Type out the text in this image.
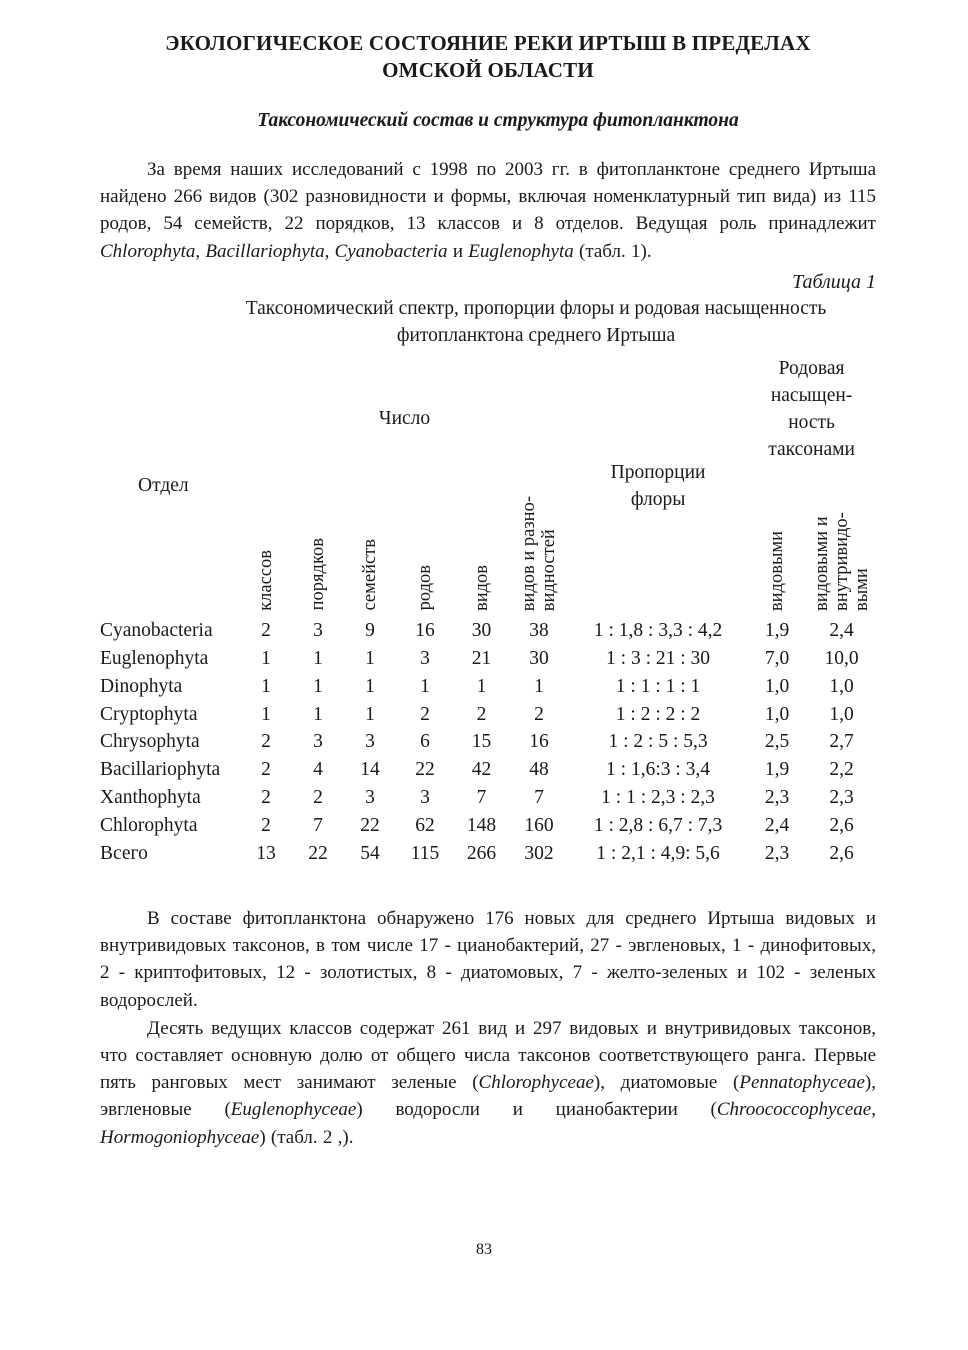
ЭКОЛОГИЧЕСКОЕ СОСТОЯНИЕ РЕКИ ИРТЫШ В ПРЕДЕЛАХ ОМСКОЙ ОБЛАСТИ
Таксономический состав и структура фитопланктона

За время наших исследований с 1998 по 2003 гг. в фитопланктоне среднего Иртыша найдено 266 видов (302 разновидности и формы, включая номенклатурный тип вида) из 115 родов, 54 семейств, 22 порядков, 13 классов и 8 отделов. Ведущая роль принадлежит Chlorophyta, Bacillariophyta, Cyanobacteria и Euglenophyta (табл. 1).

Таблица 1
Таксономический спектр, пропорции флоры и родовая насыщенность фитопланктона среднего Иртыша
Отдел	Число						Пропорции флоры	Родовая насыщен-ность таксонами	
	классов	порядков	семейств	родов	видов	видов и разно-
видностей		видовыми	видовыми и внутривидо-
выми
Cyanobacteria	2	3	9	16	30	38	1 : 1,8 : 3,3 : 4,2	1,9	2,4
Euglenophyta	1	1	1	3	21	30	1 : 3 : 21 : 30	7,0	10,0
Dinophyta	1	1	1	1	1	1	1 : 1 : 1 : 1	1,0	1,0
Cryptophyta	1	1	1	2	2	2	1 : 2 : 2 : 2	1,0	1,0
Chrysophyta	2	3	3	6	15	16	1 : 2 : 5 : 5,3	2,5	2,7
Bacillariophyta	2	4	14	22	42	48	1 : 1,6:3 : 3,4	1,9	2,2
Xanthophyta	2	2	3	3	7	7	1 : 1 : 2,3 : 2,3	2,3	2,3
Chlorophyta	2	7	22	62	148	160	1 : 2,8 : 6,7 : 7,3	2,4	2,6
Всего	13	22	54	115	266	302	1 : 2,1 : 4,9: 5,6	2,3	2,6

В составе фитопланктона обнаружено 176 новых для среднего Иртыша видовых и внутривидовых таксонов, в том числе 17 - цианобактерий, 27 - эвгленовых, 1 - динофитовых, 2 - криптофитовых, 12 - золотистых, 8 - диатомовых, 7 - желто-зеленых и 102 - зеленых водорослей.

Десять ведущих классов содержат 261 вид и 297 видовых и внутривидовых таксонов, что составляет основную долю от общего числа таксонов соответствующего ранга. Первые пять ранговых мест занимают зеленые (Chlorophyceae), диатомовые (Pennatophyceae), эвгленовые (Euglenophyceae) водоросли и цианобактерии (Chroococcophyceae, Hormogoniophyceae) (табл. 2 ,).

83
